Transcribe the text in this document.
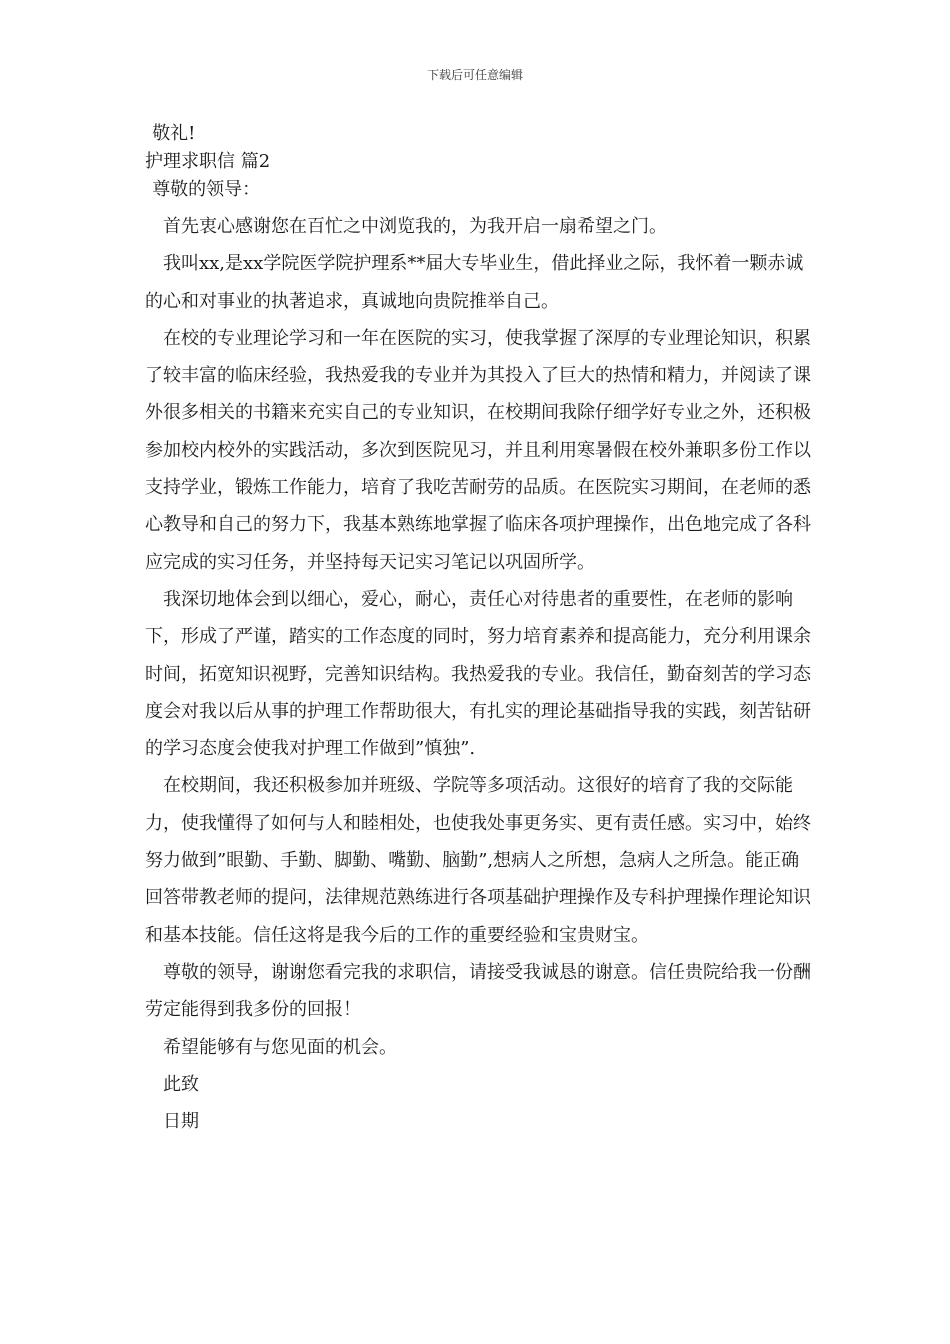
下载后可任意编辑

敬礼!

护理求职信 篇2

尊敬的领导：

首先衷心感谢您在百忙之中浏览我的，为我开启一扇希望之门。

我叫xx,是xx学院医学院护理系**届大专毕业生，借此择业之际，我怀着一颗赤诚的心和对事业的执著追求，真诚地向贵院推举自己。

在校的专业理论学习和一年在医院的实习，使我掌握了深厚的专业理论知识，积累了较丰富的临床经验，我热爱我的专业并为其投入了巨大的热情和精力，并阅读了课外很多相关的书籍来充实自己的专业知识，在校期间我除仔细学好专业之外，还积极参加校内校外的实践活动，多次到医院见习，并且利用寒暑假在校外兼职多份工作以支持学业，锻炼工作能力，培育了我吃苦耐劳的品质。在医院实习期间，在老师的悉心教导和自己的努力下，我基本熟练地掌握了临床各项护理操作，出色地完成了各科应完成的实习任务，并坚持每天记实习笔记以巩固所学。

我深切地体会到以细心，爱心，耐心，责任心对待患者的重要性，在老师的影响下，形成了严谨，踏实的工作态度的同时，努力培育素养和提高能力，充分利用课余时间，拓宽知识视野，完善知识结构。我热爱我的专业。我信任，勤奋刻苦的学习态度会对我以后从事的护理工作帮助很大，有扎实的理论基础指导我的实践，刻苦钻研的学习态度会使我对护理工作做到”慎独”.

在校期间，我还积极参加并班级、学院等多项活动。这很好的培育了我的交际能力，使我懂得了如何与人和睦相处，也使我处事更务实、更有责任感。实习中，始终努力做到”眼勤、手勤、脚勤、嘴勤、脑勤”,想病人之所想，急病人之所急。能正确回答带教老师的提问，法律规范熟练进行各项基础护理操作及专科护理操作理论知识和基本技能。信任这将是我今后的工作的重要经验和宝贵财宝。

尊敬的领导，谢谢您看完我的求职信，请接受我诚恳的谢意。信任贵院给我一份酬劳定能得到我多份的回报！

希望能够有与您见面的机会。

此致

日期
